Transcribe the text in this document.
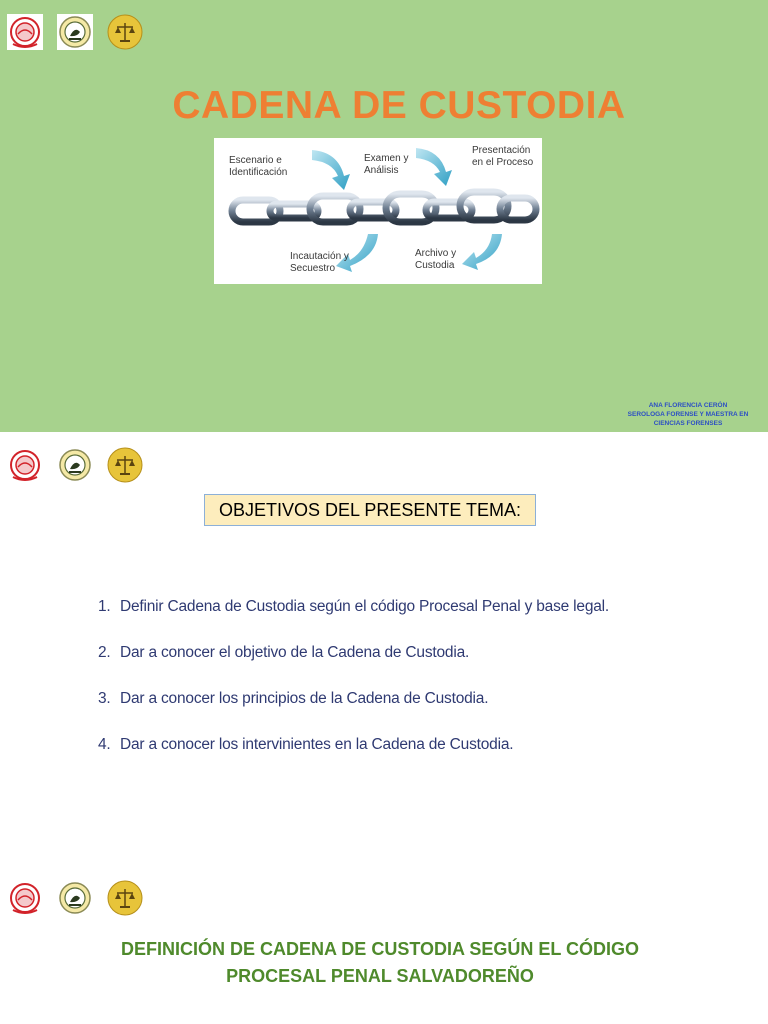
CADENA DE CUSTODIA
Escenario e Identificación
Examen y Análisis
Presentación en el Proceso
Incautación y Secuestro
Archivo y Custodia
ANA FLORENCIA CERÓN
SEROLOGA FORENSE Y MAESTRA EN
CIENCIAS FORENSES
OBJETIVOS DEL PRESENTE TEMA:
1. Definir Cadena de Custodia según el código Procesal Penal y base legal.
2. Dar a conocer el objetivo de la Cadena de Custodia.
3. Dar a conocer los principios de la Cadena de Custodia.
4. Dar a conocer los intervinientes en la Cadena de Custodia.
DEFINICIÓN DE CADENA DE CUSTODIA SEGÚN EL CÓDIGO
PROCESAL PENAL SALVADOREÑO
